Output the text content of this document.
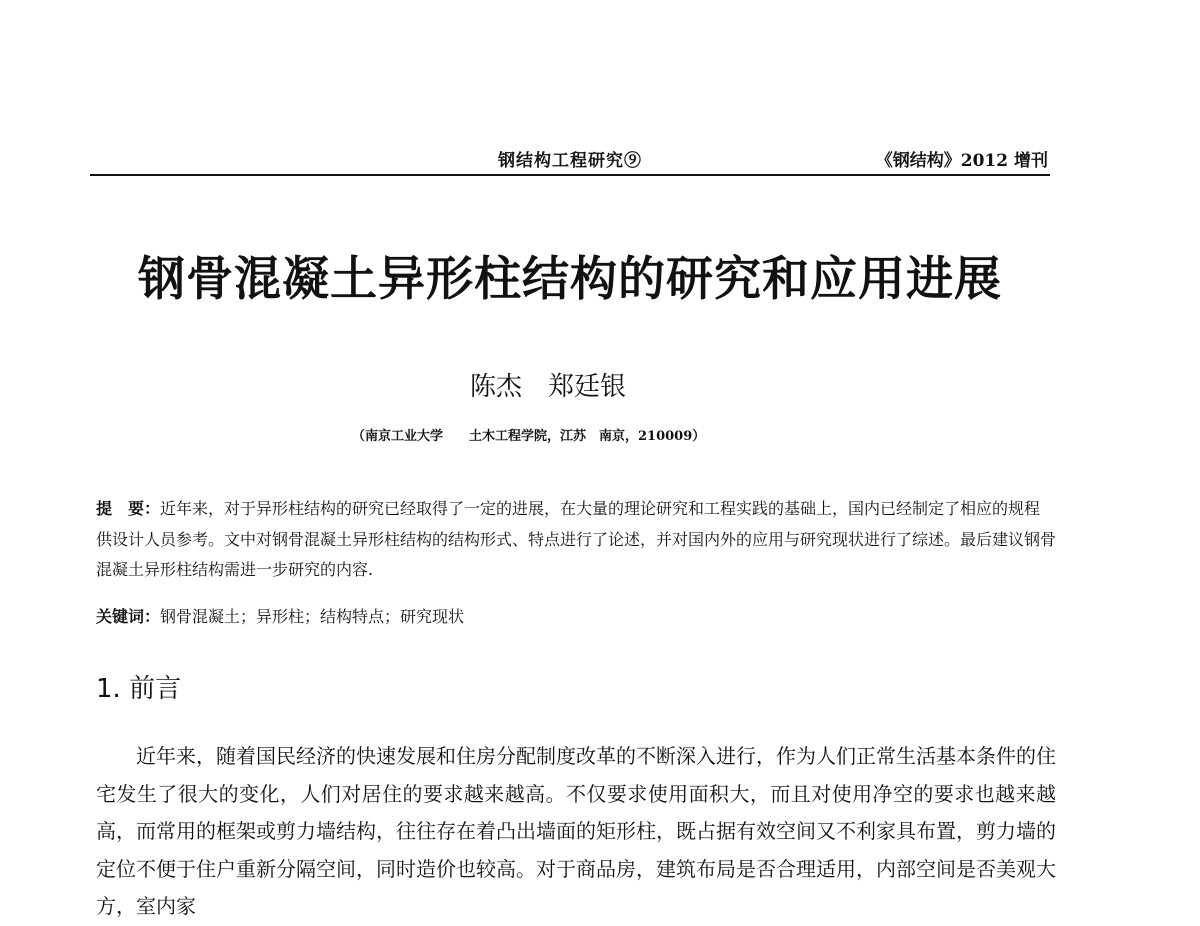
钢结构工程研究⑨	《钢结构》2012 增刊
钢骨混凝土异形柱结构的研究和应用进展
陈杰　郑廷银
（南京工业大学　　土木工程学院，江苏　南京，210009）
提　要：近年来，对于异形柱结构的研究已经取得了一定的进展，在大量的理论研究和工程实践的基础上，国内已经制定了相应的规程供设计人员参考。文中对钢骨混凝土异形柱结构的结构形式、特点进行了论述，并对国内外的应用与研究现状进行了综述。最后建议钢骨混凝土异形柱结构需进一步研究的内容.
关键词：钢骨混凝土；异形柱；结构特点；研究现状
1. 前言

近年来，随着国民经济的快速发展和住房分配制度改革的不断深入进行，作为人们正常生活基本条件的住宅发生了很大的变化，人们对居住的要求越来越高。不仅要求使用面积大，而且对使用净空的要求也越来越高，而常用的框架或剪力墙结构，往往存在着凸出墙面的矩形柱，既占据有效空间又不利家具布置，剪力墙的定位不便于住户重新分隔空间，同时造价也较高。对于商品房，建筑布局是否合理适用，内部空间是否美观大方，室内家
